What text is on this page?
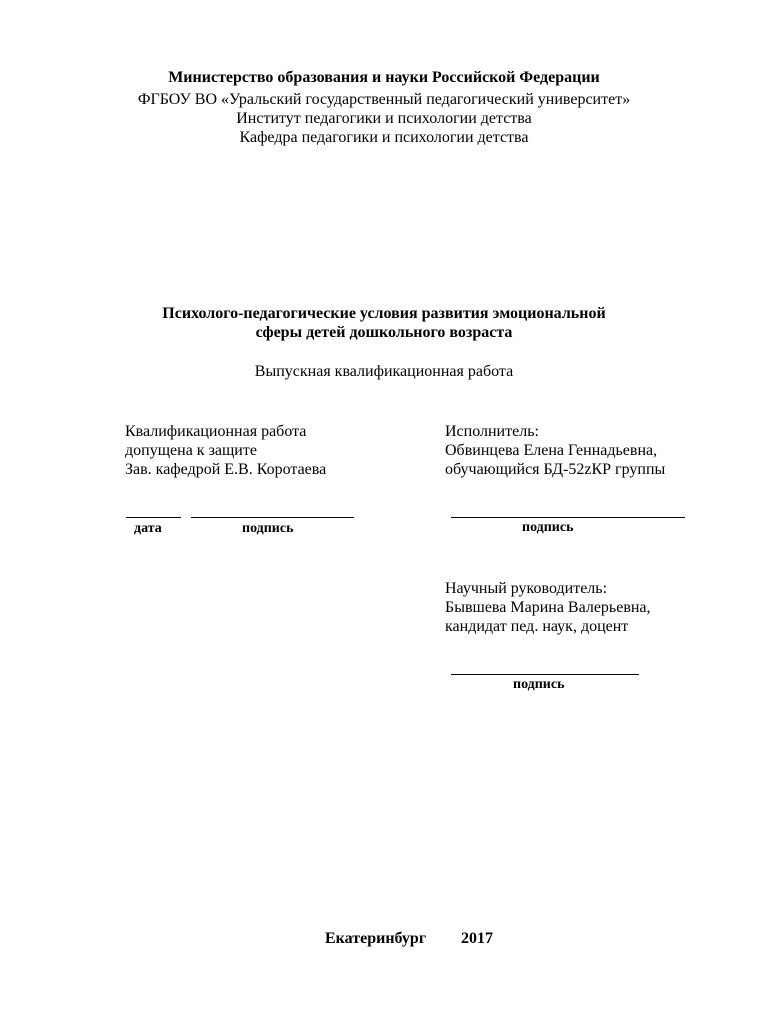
Министерство образования и науки Российской Федерации
ФГБОУ ВО «Уральский государственный педагогический университет»
Институт педагогики и психологии детства
Кафедра педагогики и психологии детства
Психолого-педагогические условия развития эмоциональной
сферы детей дошкольного возраста
Выпускная квалификационная работа
Квалификационная работа
допущена к защите
Зав. кафедрой Е.В. Коротаева
дата	подпись
Исполнитель:
Обвинцева Елена Геннадьевна,
обучающийся БД-52zКР группы
подпись
Научный руководитель:
Бывшева Марина Валерьевна,
кандидат пед. наук, доцент
подпись
Екатеринбург 2017
